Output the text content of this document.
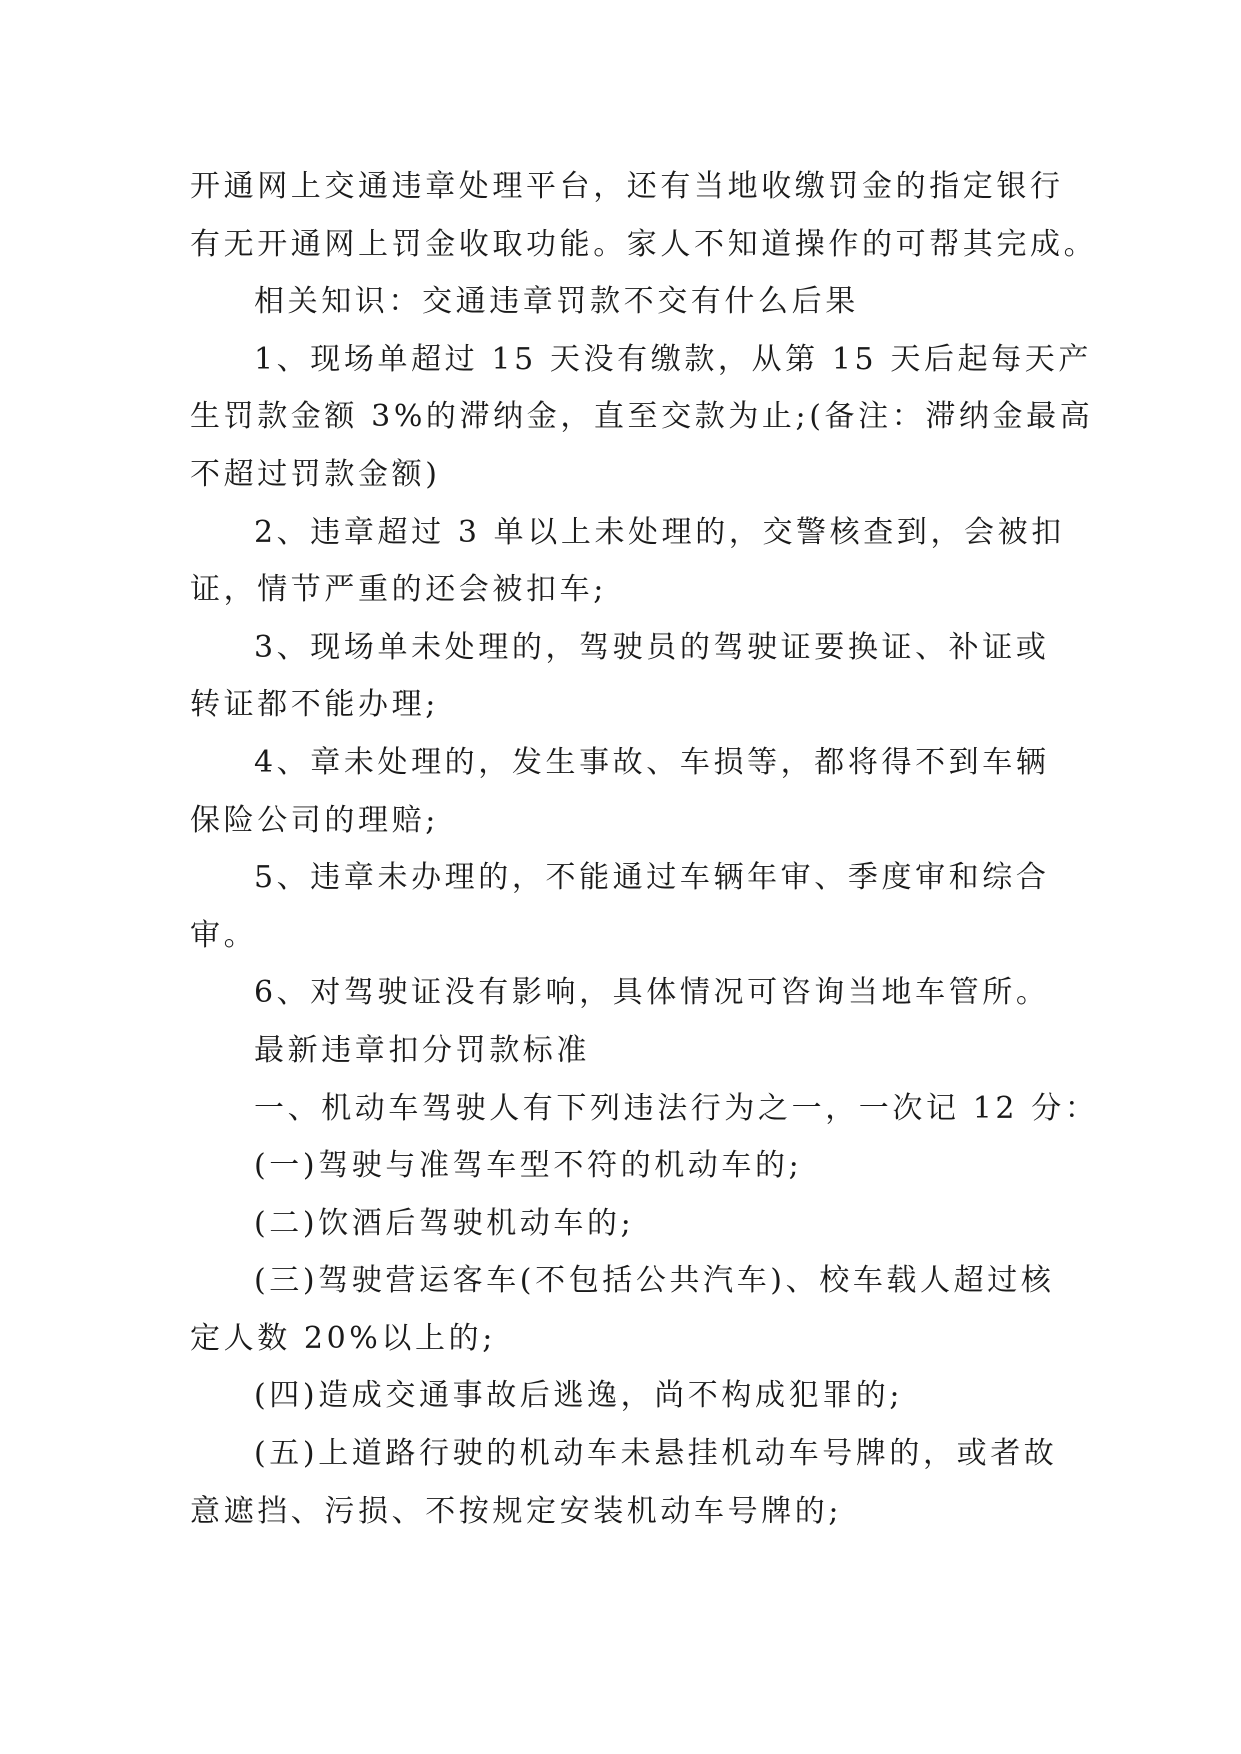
开通网上交通违章处理平台，还有当地收缴罚金的指定银行
有无开通网上罚金收取功能。家人不知道操作的可帮其完成。
相关知识：交通违章罚款不交有什么后果
1、现场单超过 15 天没有缴款，从第 15 天后起每天产
生罚款金额 3%的滞纳金，直至交款为止;(备注：滞纳金最高
不超过罚款金额)
2、违章超过 3 单以上未处理的，交警核查到，会被扣
证，情节严重的还会被扣车;
3、现场单未处理的，驾驶员的驾驶证要换证、补证或
转证都不能办理;
4、章未处理的，发生事故、车损等，都将得不到车辆
保险公司的理赔;
5、违章未办理的，不能通过车辆年审、季度审和综合
审。
6、对驾驶证没有影响，具体情况可咨询当地车管所。
最新违章扣分罚款标准
一、机动车驾驶人有下列违法行为之一，一次记 12 分：
(一)驾驶与准驾车型不符的机动车的;
(二)饮酒后驾驶机动车的;
(三)驾驶营运客车(不包括公共汽车)、校车载人超过核
定人数 20%以上的;
(四)造成交通事故后逃逸，尚不构成犯罪的;
(五)上道路行驶的机动车未悬挂机动车号牌的，或者故
意遮挡、污损、不按规定安装机动车号牌的;
